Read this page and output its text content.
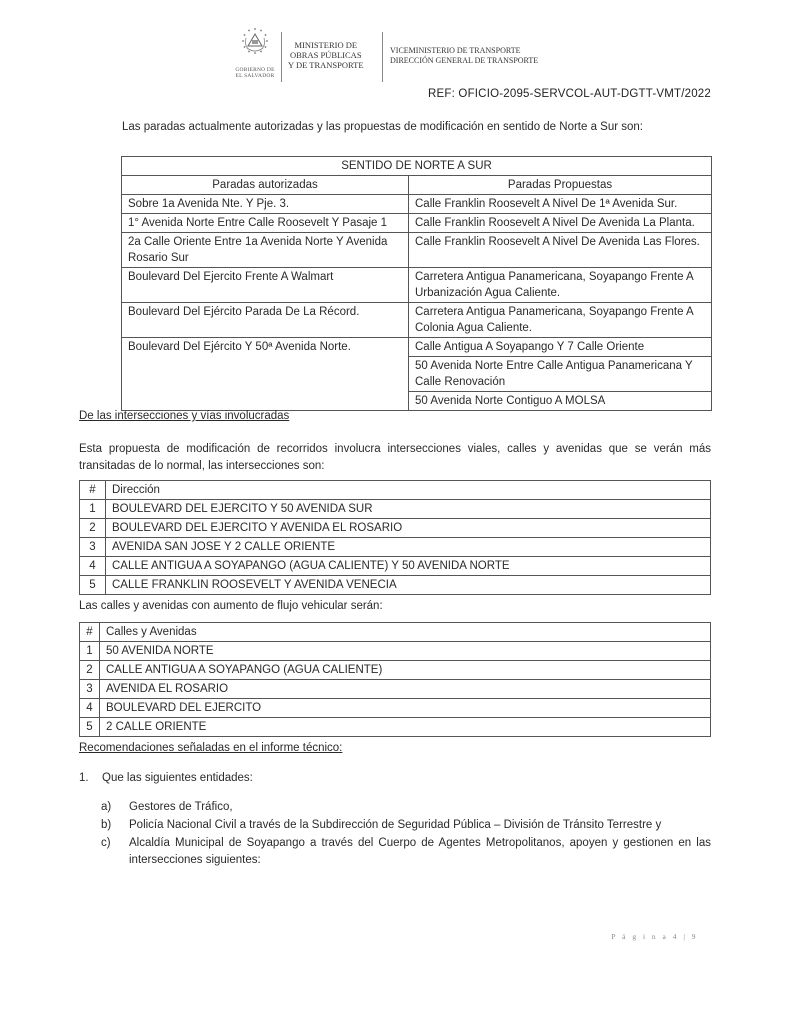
GOBIERNO DE
EL SALVADOR
MINISTERIO DE
OBRAS PÚBLICAS
Y DE TRANSPORTE
VICEMINISTERIO DE TRANSPORTE
DIRECCIÓN GENERAL DE TRANSPORTE
REF: OFICIO-2095-SERVCOL-AUT-DGTT-VMT/2022
Las paradas actualmente autorizadas y las propuestas de modificación en sentido de Norte a Sur son:
SENTIDO DE NORTE A SUR	
Paradas autorizadas	Paradas Propuestas
Sobre 1a Avenida Nte. Y Pje. 3.	Calle Franklin Roosevelt A Nivel De 1ª Avenida Sur.
1° Avenida Norte Entre Calle Roosevelt Y Pasaje 1	Calle Franklin Roosevelt A Nivel De Avenida La Planta.
2a Calle Oriente Entre 1a Avenida Norte Y Avenida Rosario Sur	Calle Franklin Roosevelt A Nivel De Avenida Las Flores.
Boulevard Del Ejercito Frente A Walmart	Carretera Antigua Panamericana, Soyapango Frente A Urbanización Agua Caliente.
Boulevard Del Ejército Parada De La Récord.	Carretera Antigua Panamericana, Soyapango Frente A Colonia Agua Caliente.
Boulevard Del Ejército Y 50ª Avenida Norte.	Calle Antigua A Soyapango Y 7 Calle Oriente
	50 Avenida Norte Entre Calle Antigua Panamericana Y Calle Renovación
	50 Avenida Norte Contiguo A MOLSA
De las intersecciones y vías involucradas
Esta propuesta de modificación de recorridos involucra intersecciones viales, calles y avenidas que se verán más transitadas de lo normal, las intersecciones son:
#	Dirección
1	BOULEVARD DEL EJERCITO Y 50 AVENIDA SUR
2	BOULEVARD DEL EJERCITO Y AVENIDA EL ROSARIO
3	AVENIDA SAN JOSE Y 2 CALLE ORIENTE
4	CALLE ANTIGUA A SOYAPANGO (AGUA CALIENTE) Y 50 AVENIDA NORTE
5	CALLE FRANKLIN ROOSEVELT Y AVENIDA VENECIA
Las calles y avenidas con aumento de flujo vehicular serán:
#	Calles y Avenidas
1	50 AVENIDA NORTE
2	CALLE ANTIGUA A SOYAPANGO (AGUA CALIENTE)
3	AVENIDA EL ROSARIO
4	BOULEVARD DEL EJERCITO
5	2 CALLE ORIENTE
Recomendaciones señaladas en el informe técnico:
1. Que las siguientes entidades:
a) Gestores de Tráfico,
b) Policía Nacional Civil a través de la Subdirección de Seguridad Pública – División de Tránsito Terrestre y
c) Alcaldía Municipal de Soyapango a través del Cuerpo de Agentes Metropolitanos, apoyen y gestionen en las intersecciones siguientes:
P á g i n a 4 | 9
